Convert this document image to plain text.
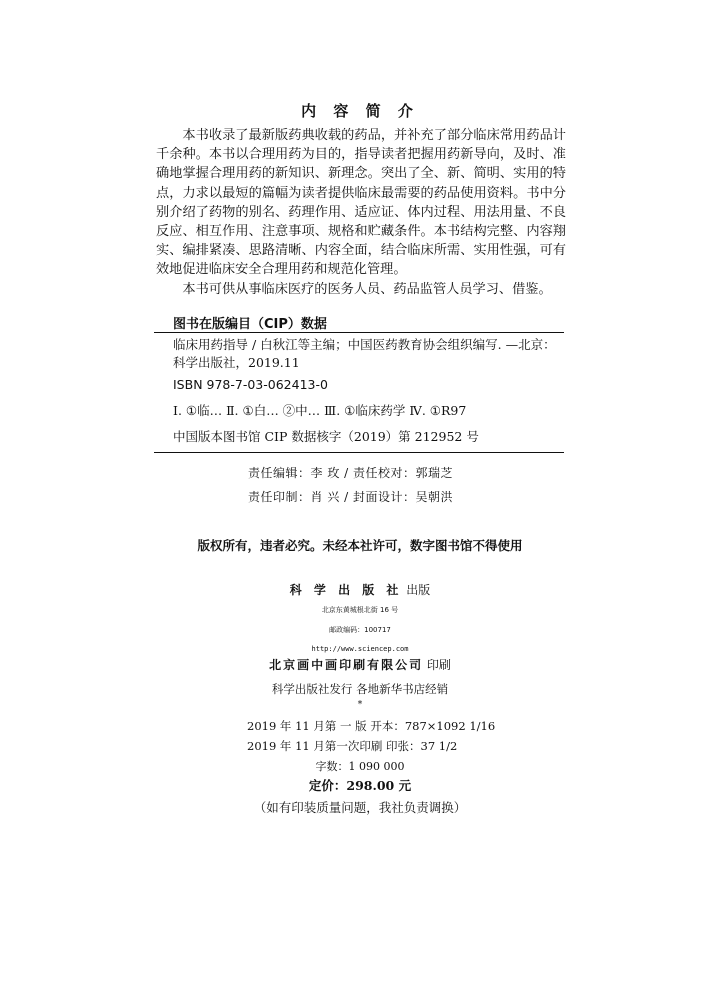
内 容 简 介

本书收录了最新版药典收载的药品，并补充了部分临床常用药品计千余种。本书以合理用药为目的，指导读者把握用药新导向，及时、准确地掌握合理用药的新知识、新理念。突出了全、新、简明、实用的特点，力求以最短的篇幅为读者提供临床最需要的药品使用资料。书中分别介绍了药物的别名、药理作用、适应证、体内过程、用法用量、不良反应、相互作用、注意事项、规格和贮藏条件。本书结构完整、内容翔实、编排紧凑、思路清晰、内容全面，结合临床所需、实用性强，可有效地促进临床安全合理用药和规范化管理。

本书可供从事临床医疗的医务人员、药品监管人员学习、借鉴。

图书在版编目（CIP）数据
临床用药指导 / 白秋江等主编；中国医药教育协会组织编写. —北京：科学出版社，2019.11
ISBN 978-7-03-062413-0
Ⅰ. ①临… Ⅱ. ①白… ②中… Ⅲ. ①临床药学 Ⅳ. ①R97
中国版本图书馆 CIP 数据核字（2019）第 212952 号
责任编辑：李 玫 / 责任校对：郭瑞芝
责任印制：肖 兴 / 封面设计：吴朝洪
版权所有，违者必究。未经本社许可，数字图书馆不得使用
科 学 出 版 社 出版
北京东黄城根北街 16 号
邮政编码：100717
http://www.sciencep.com
北京画中画印刷有限公司 印刷
科学出版社发行 各地新华书店经销
*
2019 年 11 月第 一 版 开本：787×1092 1/16
2019 年 11 月第一次印刷 印张：37 1/2
字数：1 090 000
定价：298.00 元
（如有印装质量问题，我社负责调换）
